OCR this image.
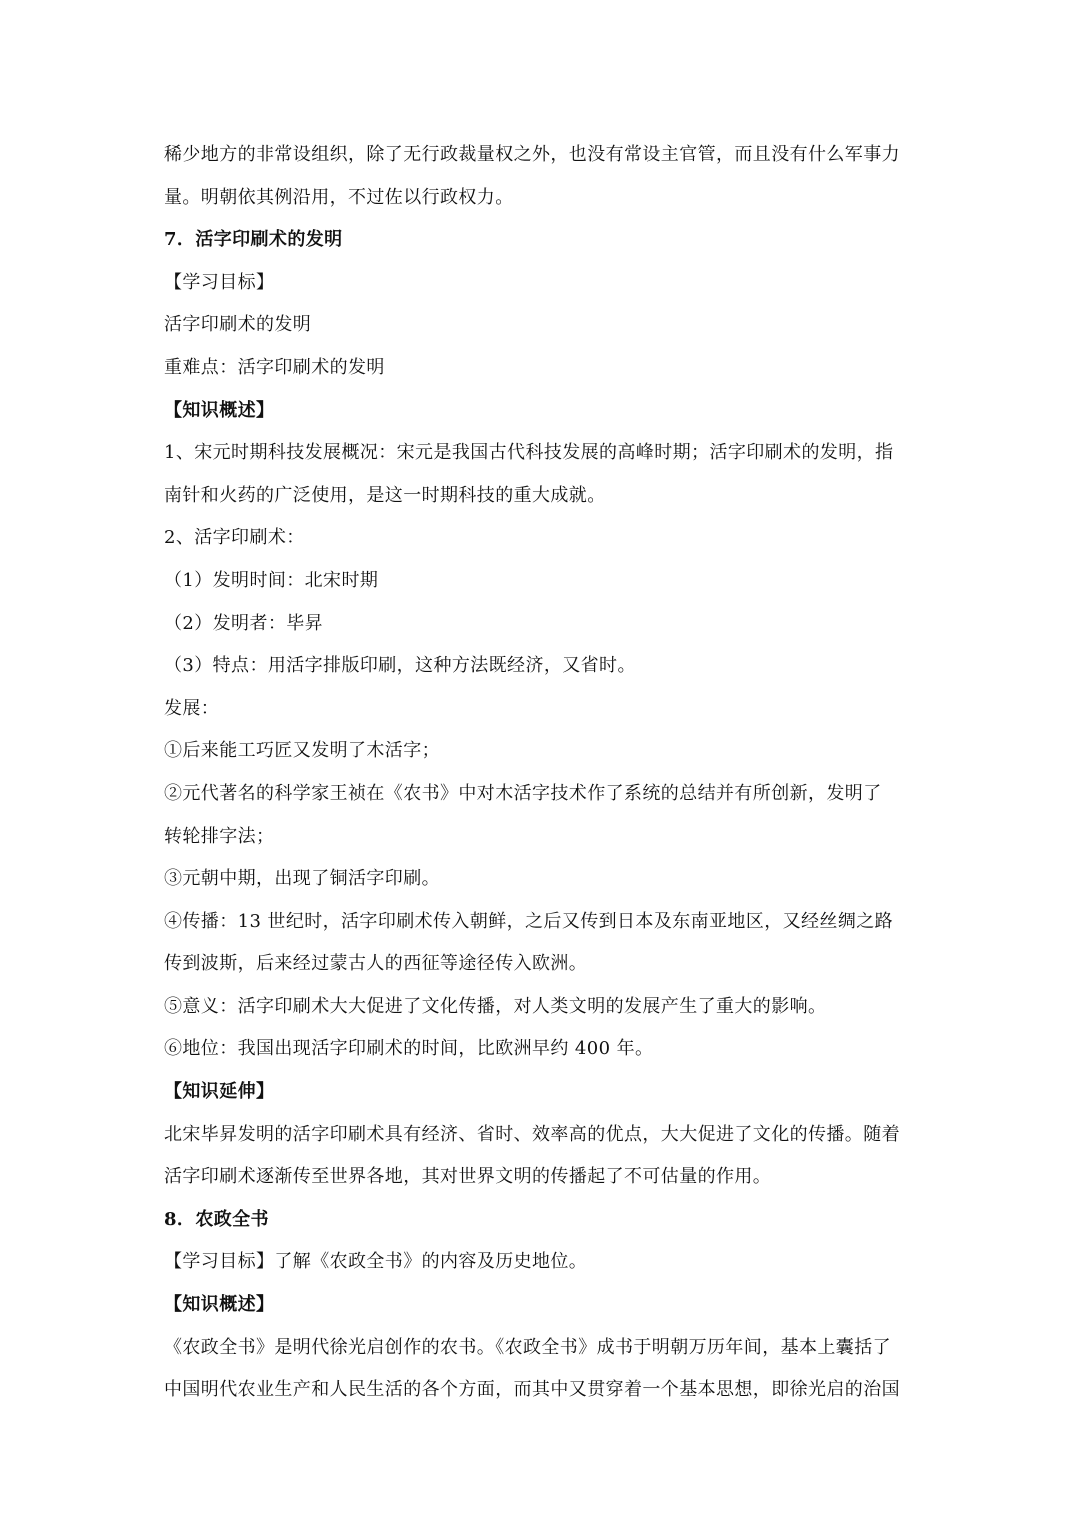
稀少地方的非常设组织，除了无行政裁量权之外，也没有常设主官管，而且没有什么军事力

量。明朝依其例沿用，不过佐以行政权力。

7．活字印刷术的发明

【学习目标】

活字印刷术的发明

重难点：活字印刷术的发明

【知识概述】

1、宋元时期科技发展概况：宋元是我国古代科技发展的高峰时期；活字印刷术的发明，指

南针和火药的广泛使用，是这一时期科技的重大成就。

2、活字印刷术：

（1）发明时间：北宋时期

（2）发明者：毕昇

（3）特点：用活字排版印刷，这种方法既经济，又省时。

发展：

①后来能工巧匠又发明了木活字；

②元代著名的科学家王祯在《农书》中对木活字技术作了系统的总结并有所创新，发明了

转轮排字法；

③元朝中期，出现了铜活字印刷。

④传播：13 世纪时，活字印刷术传入朝鲜，之后又传到日本及东南亚地区，又经丝绸之路

传到波斯，后来经过蒙古人的西征等途径传入欧洲。

⑤意义：活字印刷术大大促进了文化传播，对人类文明的发展产生了重大的影响。

⑥地位：我国出现活字印刷术的时间，比欧洲早约 400 年。

【知识延伸】

北宋毕昇发明的活字印刷术具有经济、省时、效率高的优点，大大促进了文化的传播。随着

活字印刷术逐渐传至世界各地，其对世界文明的传播起了不可估量的作用。

8．农政全书

【学习目标】了解《农政全书》的内容及历史地位。

【知识概述】

《农政全书》是明代徐光启创作的农书。《农政全书》成书于明朝万历年间，基本上囊括了

中国明代农业生产和人民生活的各个方面，而其中又贯穿着一个基本思想，即徐光启的治国
